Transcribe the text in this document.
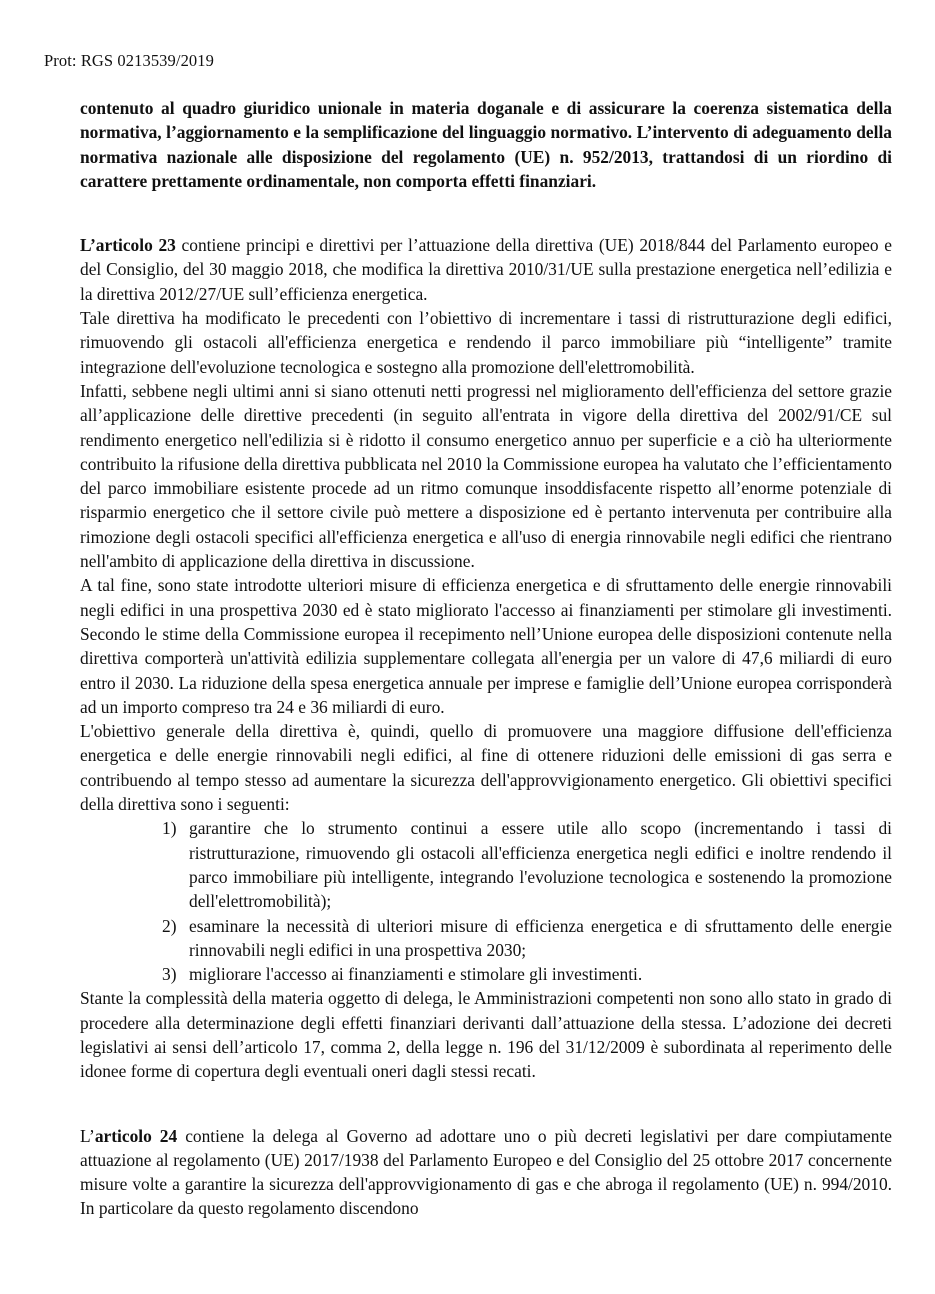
Prot: RGS 0213539/2019

contenuto al quadro giuridico unionale in materia doganale e di assicurare la coerenza sistematica della normativa, l’aggiornamento e la semplificazione del linguaggio normativo. L’intervento di adeguamento della normativa nazionale alle disposizione del regolamento (UE) n. 952/2013, trattandosi di un riordino di carattere prettamente ordinamentale, non comporta effetti finanziari.

L’articolo 23 contiene principi e direttivi per l’attuazione della direttiva (UE) 2018/844 del Parlamento europeo e del Consiglio, del 30 maggio 2018, che modifica la direttiva 2010/31/UE sulla prestazione energetica nell’edilizia e la direttiva 2012/27/UE sull’efficienza energetica.

Tale direttiva ha modificato le precedenti con l’obiettivo di incrementare i tassi di ristrutturazione degli edifici, rimuovendo gli ostacoli all'efficienza energetica e rendendo il parco immobiliare più “intelligente” tramite integrazione dell'evoluzione tecnologica e sostegno alla promozione dell'elettromobilità.

Infatti, sebbene negli ultimi anni si siano ottenuti netti progressi nel miglioramento dell'efficienza del settore grazie all’applicazione delle direttive precedenti (in seguito all'entrata in vigore della direttiva del 2002/91/CE sul rendimento energetico nell'edilizia si è ridotto il consumo energetico annuo per superficie e a ciò ha ulteriormente contribuito la rifusione della direttiva pubblicata nel 2010 la Commissione europea ha valutato che l’efficientamento del parco immobiliare esistente procede ad un ritmo comunque insoddisfacente rispetto all’enorme potenziale di risparmio energetico che il settore civile può mettere a disposizione ed è pertanto intervenuta per contribuire alla rimozione degli ostacoli specifici all'efficienza energetica e all'uso di energia rinnovabile negli edifici che rientrano nell'ambito di applicazione della direttiva in discussione.

A tal fine, sono state introdotte ulteriori misure di efficienza energetica e di sfruttamento delle energie rinnovabili negli edifici in una prospettiva 2030 ed è stato migliorato l'accesso ai finanziamenti per stimolare gli investimenti. Secondo le stime della Commissione europea il recepimento nell’Unione europea delle disposizioni contenute nella direttiva comporterà un'attività edilizia supplementare collegata all'energia per un valore di 47,6 miliardi di euro entro il 2030. La riduzione della spesa energetica annuale per imprese e famiglie dell’Unione europea corrisponderà ad un importo compreso tra 24 e 36 miliardi di euro.

L'obiettivo generale della direttiva è, quindi, quello di promuovere una maggiore diffusione dell'efficienza energetica e delle energie rinnovabili negli edifici, al fine di ottenere riduzioni delle emissioni di gas serra e contribuendo al tempo stesso ad aumentare la sicurezza dell'approvvigionamento energetico. Gli obiettivi specifici della direttiva sono i seguenti:

1) garantire che lo strumento continui a essere utile allo scopo (incrementando i tassi di ristrutturazione, rimuovendo gli ostacoli all'efficienza energetica negli edifici e inoltre rendendo il parco immobiliare più intelligente, integrando l'evoluzione tecnologica e sostenendo la promozione dell'elettromobilità);
2) esaminare la necessità di ulteriori misure di efficienza energetica e di sfruttamento delle energie rinnovabili negli edifici in una prospettiva 2030;
3) migliorare l'accesso ai finanziamenti e stimolare gli investimenti.

Stante la complessità della materia oggetto di delega, le Amministrazioni competenti non sono allo stato in grado di procedere alla determinazione degli effetti finanziari derivanti dall’attuazione della stessa. L’adozione dei decreti legislativi ai sensi dell’articolo 17, comma 2, della legge n. 196 del 31/12/2009 è subordinata al reperimento delle idonee forme di copertura degli eventuali oneri dagli stessi recati.

L’articolo 24 contiene la delega al Governo ad adottare uno o più decreti legislativi per dare compiutamente attuazione al regolamento (UE) 2017/1938 del Parlamento Europeo e del Consiglio del 25 ottobre 2017 concernente misure volte a garantire la sicurezza dell'approvvigionamento di gas e che abroga il regolamento (UE) n. 994/2010. In particolare da questo regolamento discendono
